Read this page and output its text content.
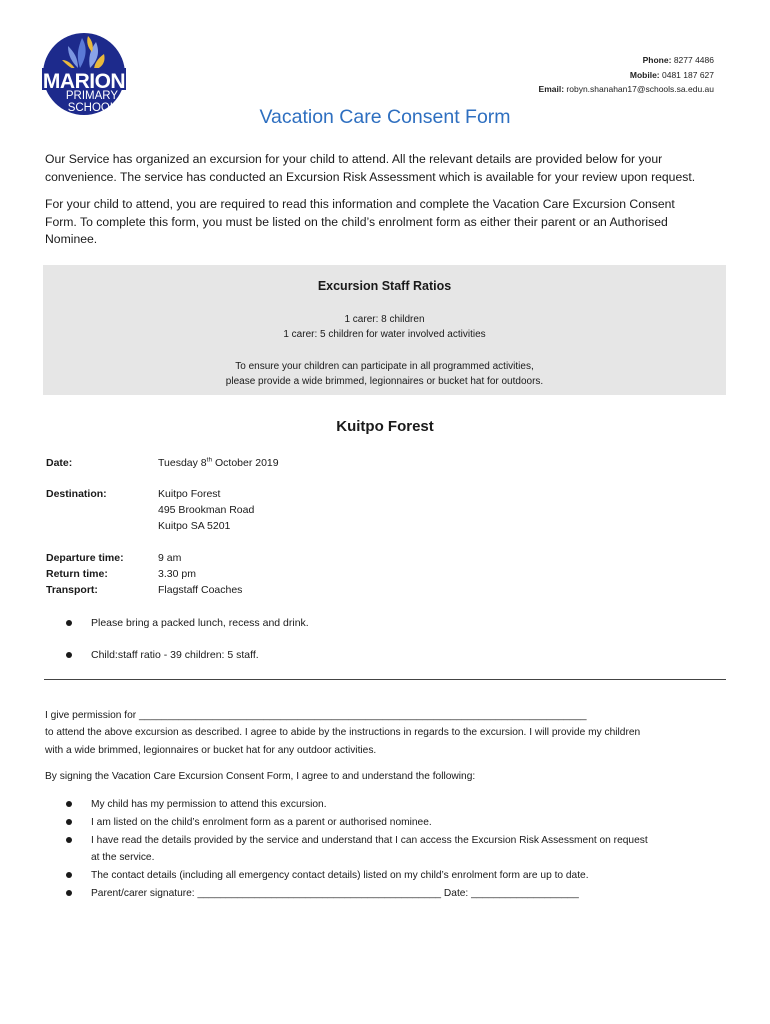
MARION
PRIMARY
SCHOOL
Phone: 8277 4486
Mobile: 0481 187 627
Email: robyn.shanahan17@schools.sa.edu.au
Vacation Care Consent Form
Our Service has organized an excursion for your child to attend. All the relevant details are provided below for your
convenience. The service has conducted an Excursion Risk Assessment which is available for your review upon request.
For your child to attend, you are required to read this information and complete the Vacation Care Excursion Consent
Form. To complete this form, you must be listed on the child’s enrolment form as either their parent or an Authorised
Nominee.
Excursion Staff Ratios
1 carer: 8 children
1 carer: 5 children for water involved activities
To ensure your children can participate in all programmed activities,
please provide a wide brimmed, legionnaires or bucket hat for outdoors.
Kuitpo Forest
Date:	Tuesday 8th October 2019
Destination:	Kuitpo Forest
495 Brookman Road
Kuitpo SA 5201
Departure time:	9 am
Return time:	3.30 pm
Transport:	Flagstaff Coaches
Please bring a packed lunch, recess and drink.
Child:staff ratio - 39 children: 5 staff.
I give permission for _______________________________________________________________________________
to attend the above excursion as described. I agree to abide by the instructions in regards to the excursion. I will provide my children
with a wide brimmed, legionnaires or bucket hat for any outdoor activities.
By signing the Vacation Care Excursion Consent Form, I agree to and understand the following:
My child has my permission to attend this excursion.
I am listed on the child’s enrolment form as a parent or authorised nominee.
I have read the details provided by the service and understand that I can access the Excursion Risk Assessment on request
at the service.
The contact details (including all emergency contact details) listed on my child’s enrolment form are up to date.
Parent/carer signature: ___________________________________________ Date: ___________________
